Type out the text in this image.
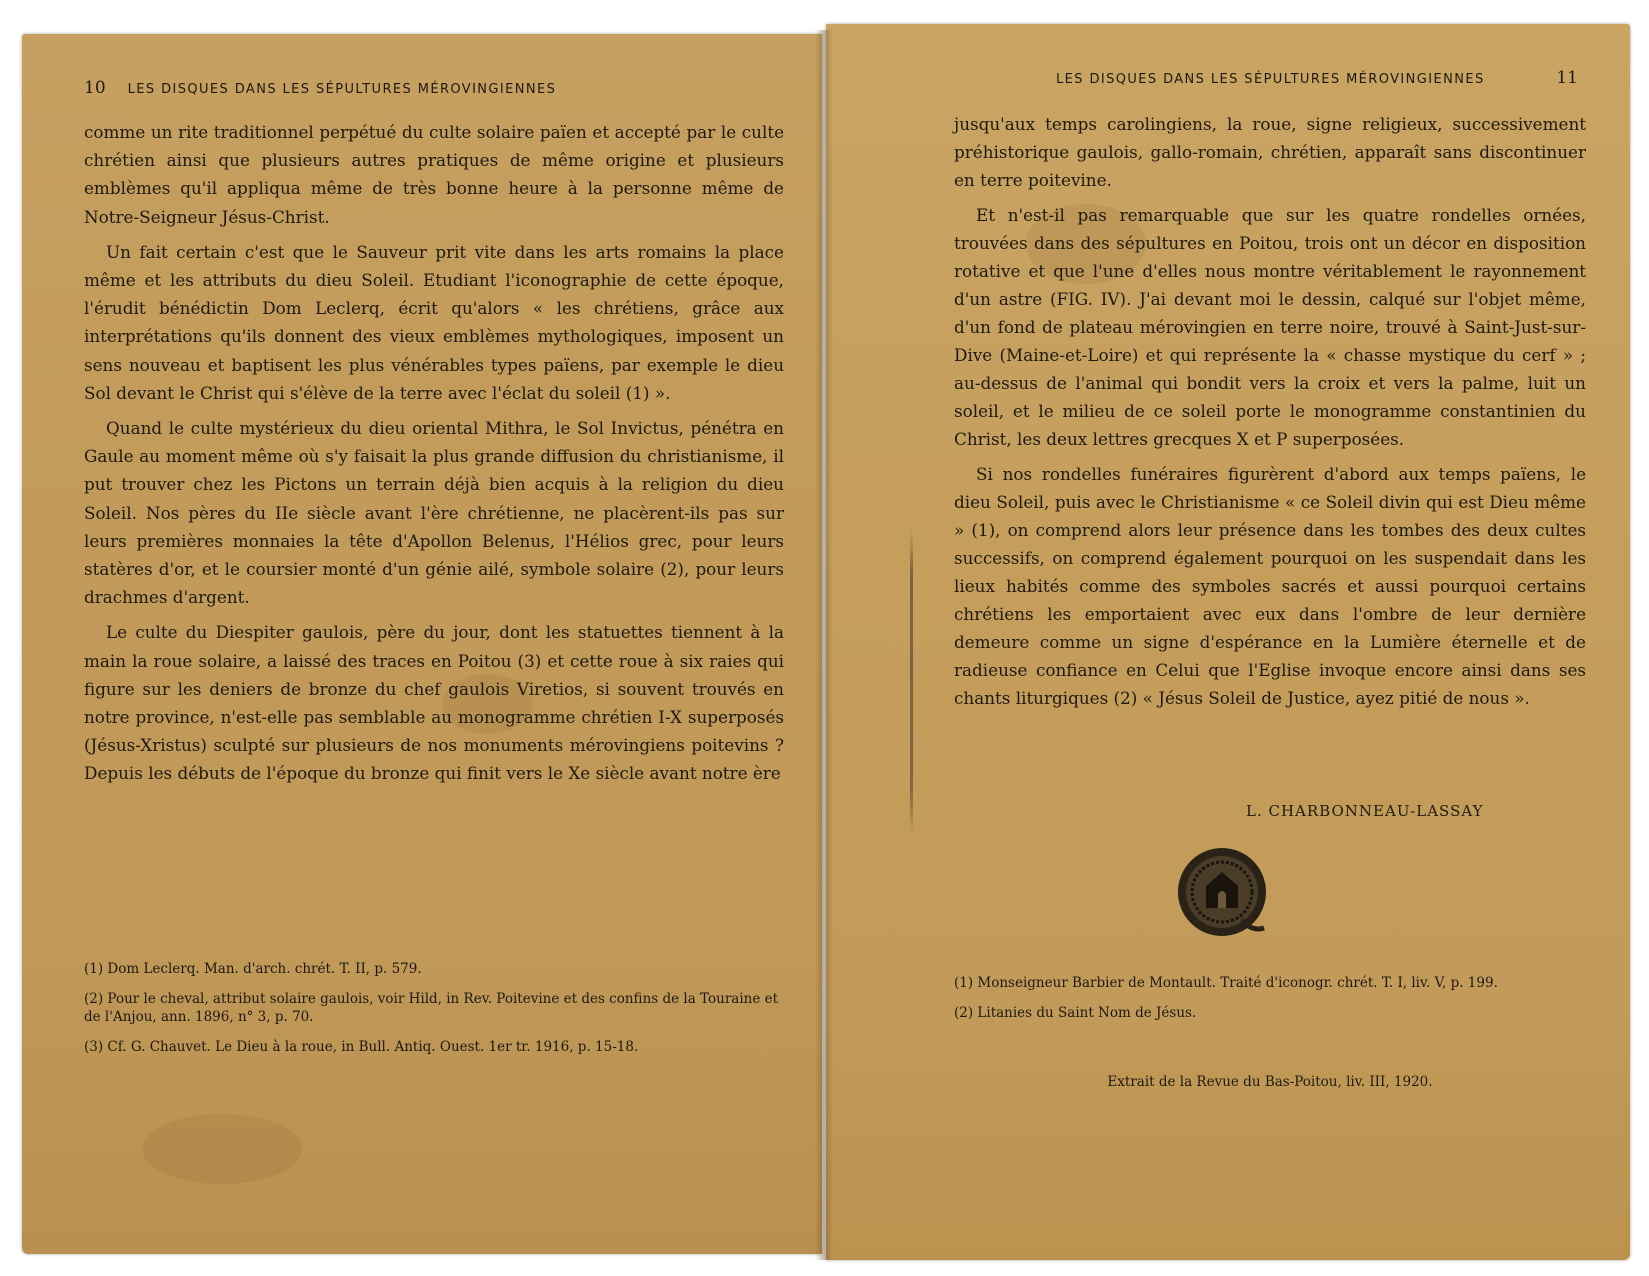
10 LES DISQUES DANS LES SÉPULTURES MÉROVINGIENNES

comme un rite traditionnel perpétué du culte solaire païen et accepté par le culte chrétien ainsi que plusieurs autres pratiques de même origine et plusieurs emblèmes qu'il appliqua même de très bonne heure à la personne même de Notre-Seigneur Jésus-Christ.

Un fait certain c'est que le Sauveur prit vite dans les arts romains la place même et les attributs du dieu Soleil. Etudiant l'iconographie de cette époque, l'érudit bénédictin Dom Leclerq, écrit qu'alors « les chrétiens, grâce aux interprétations qu'ils donnent des vieux emblèmes mythologiques, imposent un sens nouveau et baptisent les plus vénérables types païens, par exemple le dieu Sol devant le Christ qui s'élève de la terre avec l'éclat du soleil (1) ».

Quand le culte mystérieux du dieu oriental Mithra, le Sol Invictus, pénétra en Gaule au moment même où s'y faisait la plus grande diffusion du christianisme, il put trouver chez les Pictons un terrain déjà bien acquis à la religion du dieu Soleil. Nos pères du IIe siècle avant l'ère chrétienne, ne placèrent-ils pas sur leurs premières monnaies la tête d'Apollon Belenus, l'Hélios grec, pour leurs statères d'or, et le coursier monté d'un génie ailé, symbole solaire (2), pour leurs drachmes d'argent.

Le culte du Diespiter gaulois, père du jour, dont les statuettes tiennent à la main la roue solaire, a laissé des traces en Poitou (3) et cette roue à six raies qui figure sur les deniers de bronze du chef gaulois Viretios, si souvent trouvés en notre province, n'est-elle pas semblable au monogramme chrétien I-X superposés (Jésus-Xristus) sculpté sur plusieurs de nos monuments mérovingiens poitevins ? Depuis les débuts de l'époque du bronze qui finit vers le Xe siècle avant notre ère

(1) Dom Leclerq. Man. d'arch. chrét. T. II, p. 579.

(2) Pour le cheval, attribut solaire gaulois, voir Hild, in Rev. Poitevine et des confins de la Touraine et de l'Anjou, ann. 1896, n° 3, p. 70.

(3) Cf. G. Chauvet. Le Dieu à la roue, in Bull. Antiq. Ouest. 1er tr. 1916, p. 15-18.

LES DISQUES DANS LES SÉPULTURES MÉROVINGIENNES	11

jusqu'aux temps carolingiens, la roue, signe religieux, successivement préhistorique gaulois, gallo-romain, chrétien, apparaît sans discontinuer en terre poitevine.

Et n'est-il pas remarquable que sur les quatre rondelles ornées, trouvées dans des sépultures en Poitou, trois ont un décor en disposition rotative et que l'une d'elles nous montre véritablement le rayonnement d'un astre (FIG. IV). J'ai devant moi le dessin, calqué sur l'objet même, d'un fond de plateau mérovingien en terre noire, trouvé à Saint-Just-sur-Dive (Maine-et-Loire) et qui représente la « chasse mystique du cerf » ; au-dessus de l'animal qui bondit vers la croix et vers la palme, luit un soleil, et le milieu de ce soleil porte le monogramme constantinien du Christ, les deux lettres grecques X et P superposées.

Si nos rondelles funéraires figurèrent d'abord aux temps païens, le dieu Soleil, puis avec le Christianisme « ce Soleil divin qui est Dieu même » (1), on comprend alors leur présence dans les tombes des deux cultes successifs, on comprend également pourquoi on les suspendait dans les lieux habités comme des symboles sacrés et aussi pourquoi certains chrétiens les emportaient avec eux dans l'ombre de leur dernière demeure comme un signe d'espérance en la Lumière éternelle et de radieuse confiance en Celui que l'Eglise invoque encore ainsi dans ses chants liturgiques (2) « Jésus Soleil de Justice, ayez pitié de nous ».

L. CHARBONNEAU-LASSAY

(1) Monseigneur Barbier de Montault. Traité d'iconogr. chrét. T. I, liv. V, p. 199.

(2) Litanies du Saint Nom de Jésus.

Extrait de la Revue du Bas-Poitou, liv. III, 1920.
